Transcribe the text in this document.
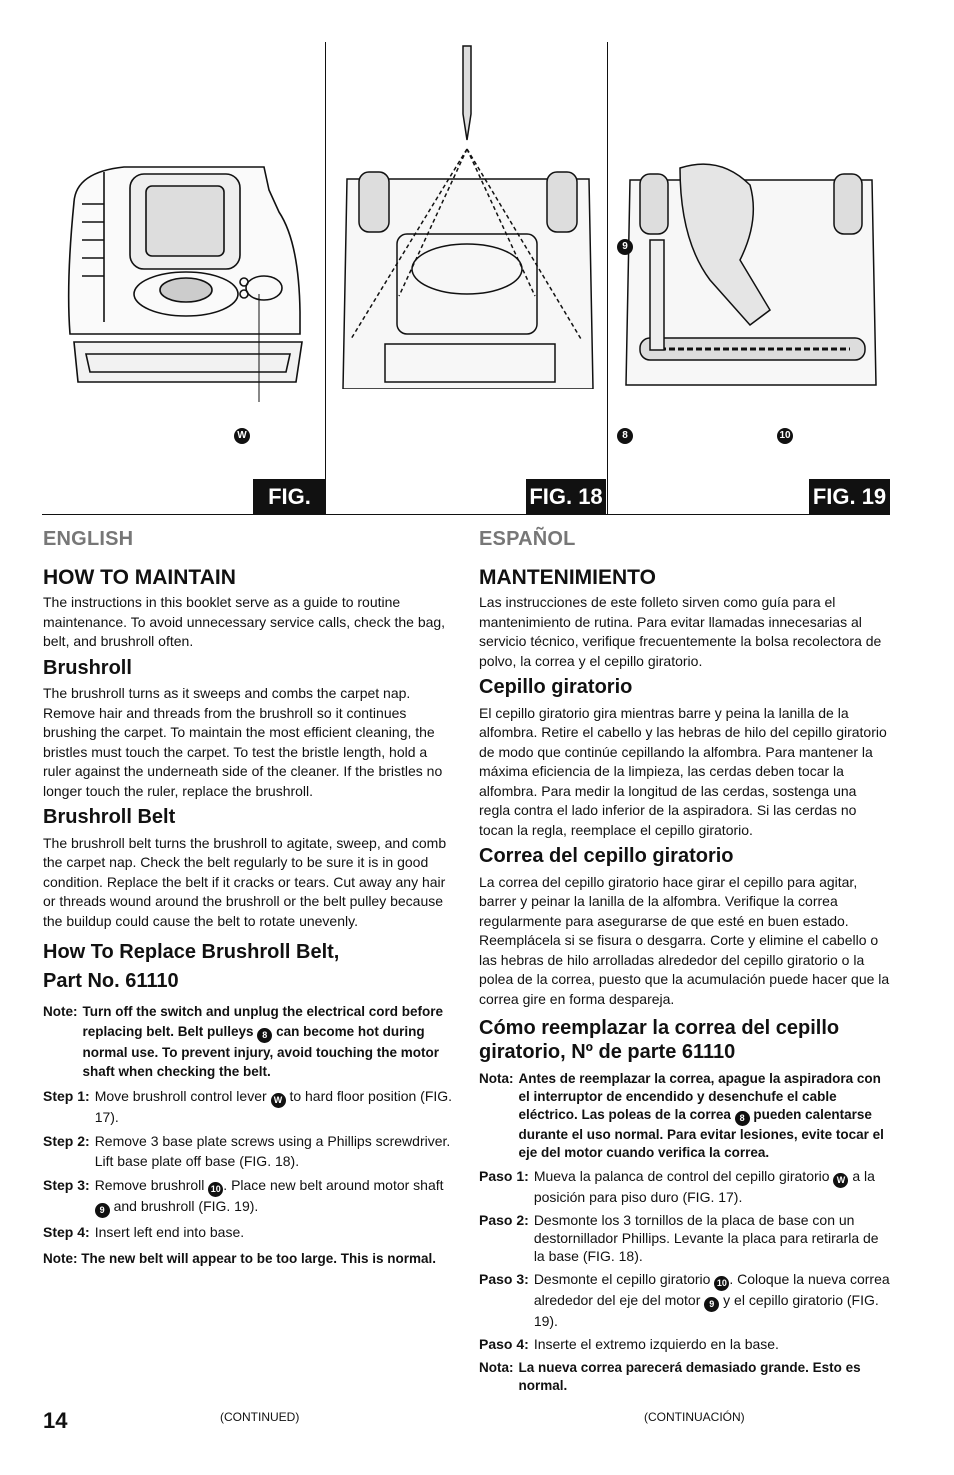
W
9
8	10
FIG. 17
FIG. 18	FIG. 19
ENGLISH
HOW TO MAINTAIN

The instructions in this booklet serve as a guide to routine maintenance. To avoid unnecessary service calls, check the bag, belt, and brushroll often.

Brushroll

The brushroll turns as it sweeps and combs the carpet nap. Remove hair and threads from the brushroll so it continues brushing the carpet. To maintain the most efficient cleaning, the bristles must touch the carpet. To test the bristle length, hold a ruler against the underneath side of the cleaner. If the bristles no longer touch the ruler, replace the brushroll.

Brushroll Belt

The brushroll belt turns the brushroll to agitate, sweep, and comb the carpet nap. Check the belt regularly to be sure it is in good condition. Replace the belt if it cracks or tears. Cut away any hair or threads wound around the brushroll or the belt pulley because the buildup could cause the belt to rotate unevenly.

How To Replace Brushroll Belt,
Part No. 61110
Note: Turn off the switch and unplug the electrical cord before replacing belt. Belt pulleys 8 can become hot during normal use. To prevent injury, avoid touching the motor shaft when checking the belt.
Step 1: Move brushroll control lever W to hard floor position (FIG. 17).
Step 2: Remove 3 base plate screws using a Phillips screwdriver. Lift base plate off base (FIG. 18).
Step 3: Remove brushroll 10 . Place new belt around motor shaft 9 and brushroll (FIG. 19).
Step 4: Insert left end into base.
Note: The new belt will appear to be too large. This is normal.
ESPAÑOL
MANTENIMIENTO

Las instrucciones de este folleto sirven como guía para el mantenimiento de rutina. Para evitar llamadas innecesarias al servicio técnico, verifique frecuentemente la bolsa recolectora de polvo, la correa y el cepillo giratorio.

Cepillo giratorio

El cepillo giratorio gira mientras barre y peina la lanilla de la alfombra. Retire el cabello y las hebras de hilo del cepillo giratorio de modo que continúe cepillando la alfombra. Para mantener la máxima eficiencia de la limpieza, las cerdas deben tocar la alfombra. Para medir la longitud de las cerdas, sostenga una regla contra el lado inferior de la aspiradora. Si las cerdas no tocan la regla, reemplace el cepillo giratorio.

Correa del cepillo giratorio

La correa del cepillo giratorio hace girar el cepillo para agitar, barrer y peinar la lanilla de la alfombra. Verifique la correa regularmente para asegurarse de que esté en buen estado. Reemplácela si se fisura o desgarra. Corte y elimine el cabello o las hebras de hilo arrolladas alrededor del cepillo giratorio o la polea de la correa, puesto que la acumulación puede hacer que la correa gire en forma despareja.

Cómo reemplazar la correa del cepillo
giratorio, Nº de parte 61110
Nota: Antes de reemplazar la correa, apague la aspiradora con el interruptor de encendido y desenchufe el cable eléctrico. Las poleas de la correa 8 pueden calentarse durante el uso normal. Para evitar lesiones, evite tocar el eje del motor cuando verifica la correa.
Paso 1: Mueva la palanca de control del cepillo giratorio W a la posición para piso duro (FIG. 17).
Paso 2: Desmonte los 3 tornillos de la placa de base con un destornillador Phillips. Levante la placa para retirarla de la base (FIG. 18).
Paso 3: Desmonte el cepillo giratorio 10 . Coloque la nueva correa alrededor del eje del motor 9 y el cepillo giratorio (FIG. 19).
Paso 4: Inserte el extremo izquierdo en la base.
Nota: La nueva correa parecerá demasiado grande. Esto es normal.
14	(CONTINUED)	(CONTINUACIÓN)
